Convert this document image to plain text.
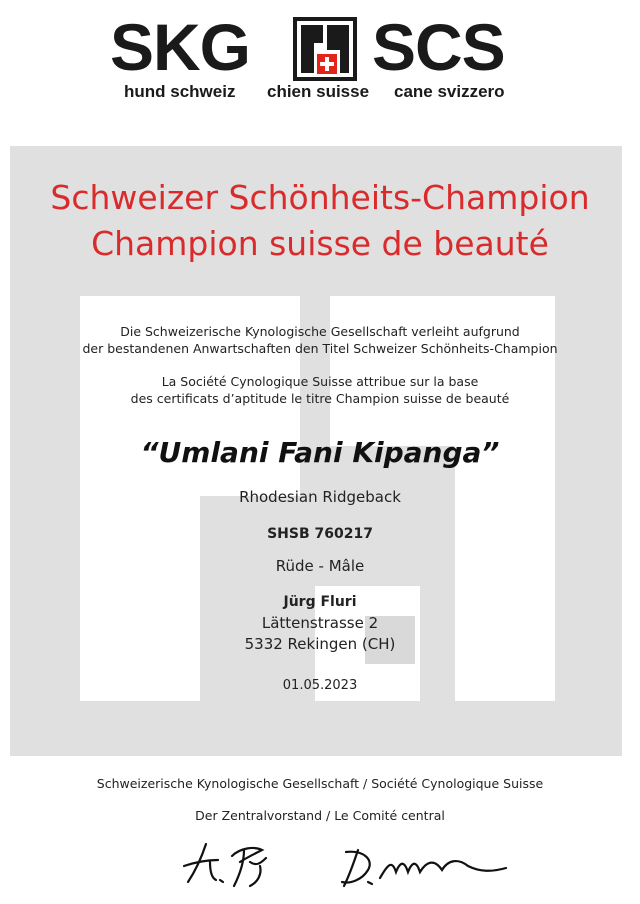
SKG SCS
hund schweiz chien suisse cane svizzero
Schweizer Schönheits-Champion
Champion suisse de beauté
Die Schweizerische Kynologische Gesellschaft verleiht aufgrund
der bestandenen Anwartschaften den Titel Schweizer Schönheits-Champion
La Société Cynologique Suisse attribue sur la base
des certificats d’aptitude le titre Champion suisse de beauté
“Umlani Fani Kipanga”
Rhodesian Ridgeback
SHSB 760217
Rüde - Mâle
Jürg Fluri
Lättenstrasse 2
5332 Rekingen (CH)
01.05.2023
Schweizerische Kynologische Gesellschaft / Société Cynologique Suisse
Der Zentralvorstand / Le Comité central
